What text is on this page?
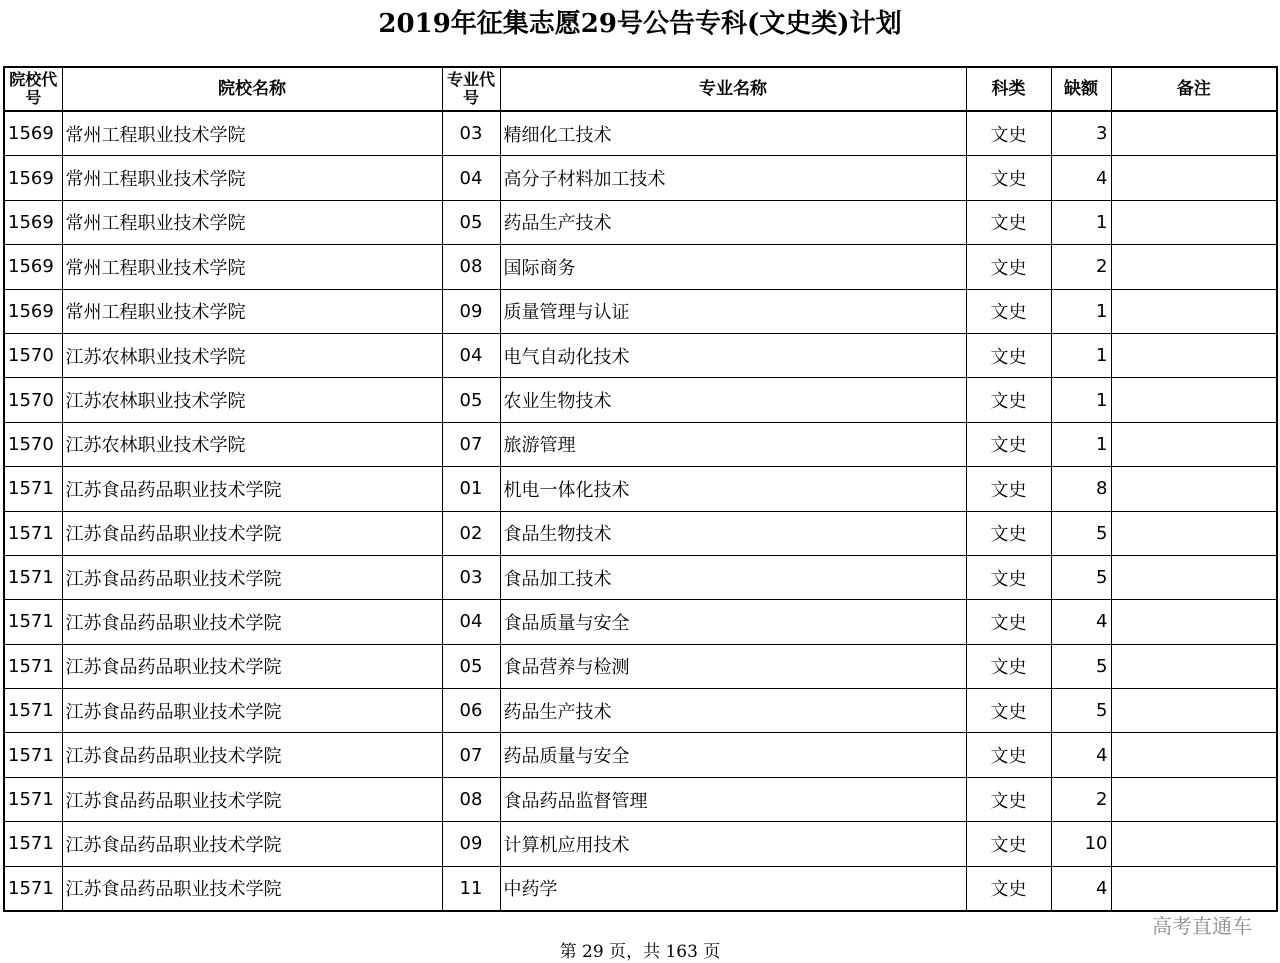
2019年征集志愿29号公告专科(文史类)计划
院校代号	院校名称	专业代号	专业名称	科类	缺额	备注
1569	常州工程职业技术学院	03	精细化工技术	文史	3	
1569	常州工程职业技术学院	04	高分子材料加工技术	文史	4	
1569	常州工程职业技术学院	05	药品生产技术	文史	1	
1569	常州工程职业技术学院	08	国际商务	文史	2	
1569	常州工程职业技术学院	09	质量管理与认证	文史	1	
1570	江苏农林职业技术学院	04	电气自动化技术	文史	1	
1570	江苏农林职业技术学院	05	农业生物技术	文史	1	
1570	江苏农林职业技术学院	07	旅游管理	文史	1	
1571	江苏食品药品职业技术学院	01	机电一体化技术	文史	8	
1571	江苏食品药品职业技术学院	02	食品生物技术	文史	5	
1571	江苏食品药品职业技术学院	03	食品加工技术	文史	5	
1571	江苏食品药品职业技术学院	04	食品质量与安全	文史	4	
1571	江苏食品药品职业技术学院	05	食品营养与检测	文史	5	
1571	江苏食品药品职业技术学院	06	药品生产技术	文史	5	
1571	江苏食品药品职业技术学院	07	药品质量与安全	文史	4	
1571	江苏食品药品职业技术学院	08	食品药品监督管理	文史	2	
1571	江苏食品药品职业技术学院	09	计算机应用技术	文史	10	
1571	江苏食品药品职业技术学院	11	中药学	文史	4	
高考直通车
第 29 页，共 163 页
